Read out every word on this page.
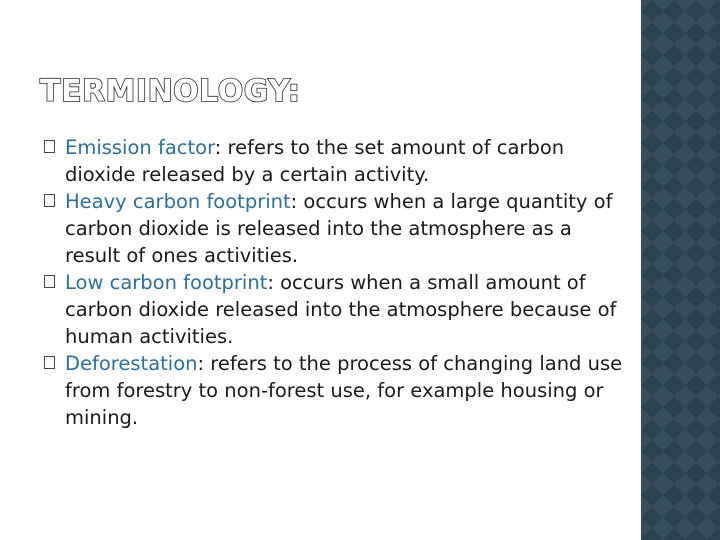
TERMINOLOGY:
Emission factor: refers to the set amount of carbon dioxide released by a certain activity.
Heavy carbon footprint: occurs when a large quantity of carbon dioxide is released into the atmosphere as a result of ones activities.
Low carbon footprint: occurs when a small amount of carbon dioxide released into the atmosphere because of human activities.
Deforestation: refers to the process of changing land use from forestry to non-forest use, for example housing or mining.
